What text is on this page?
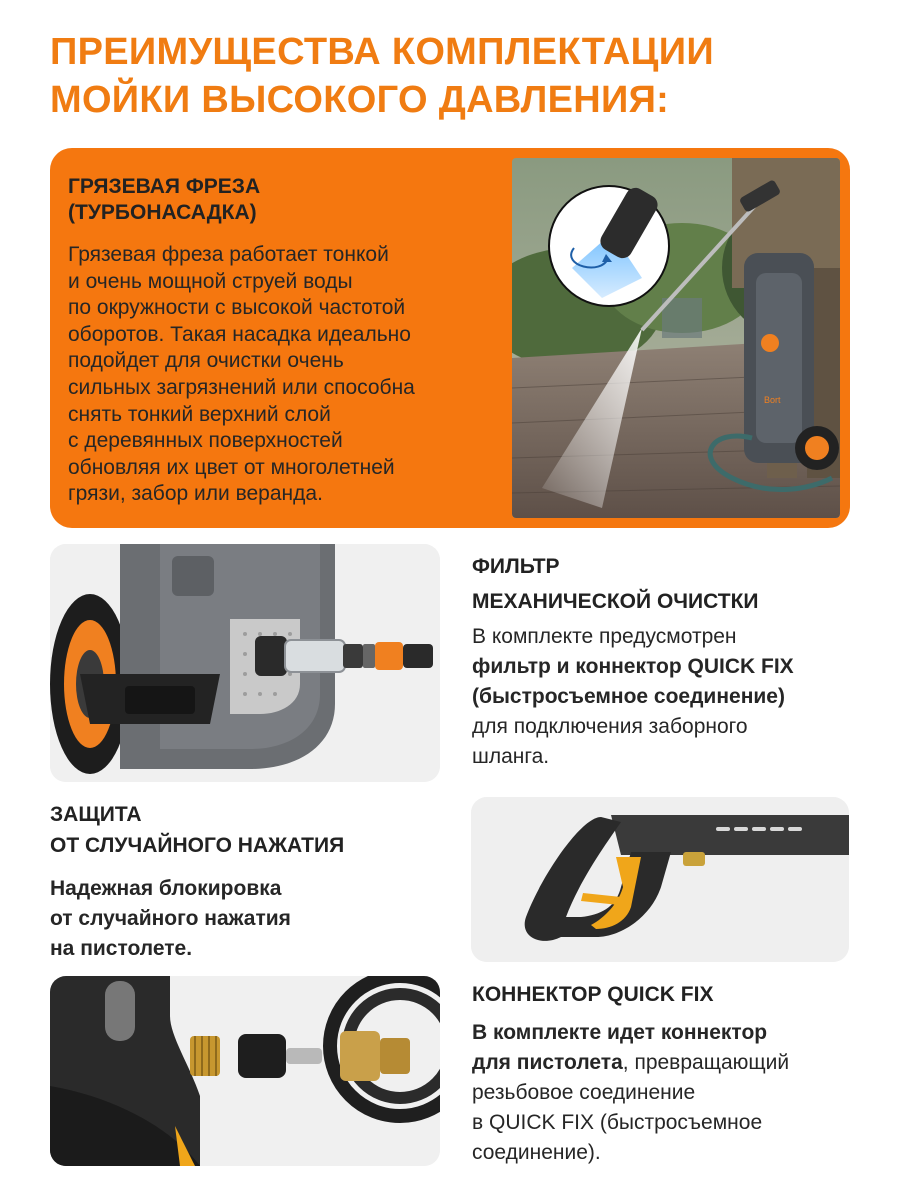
ПРЕИМУЩЕСТВА КОМПЛЕКТАЦИИ
МОЙКИ ВЫСОКОГО ДАВЛЕНИЯ:
ГРЯЗЕВАЯ ФРЕЗА
(ТУРБОНАСАДКА)
Грязевая фреза работает тонкой
и очень мощной струей воды
по окружности с высокой частотой
оборотов. Такая насадка идеально
подойдет для очистки очень
сильных загрязнений или способна
снять тонкий верхний слой
с деревянных поверхностей
обновляя их цвет от многолетней
грязи, забор или веранда.
Bort
ФИЛЬТР
МЕХАНИЧЕСКОЙ ОЧИСТКИ
В комплекте предусмотрен
фильтр и коннектор QUICK FIX
(быстросъемное соединение)
для подключения заборного
шланга.
ЗАЩИТА
ОТ СЛУЧАЙНОГО НАЖАТИЯ
Надежная блокировка
от случайного нажатия
на пистолете.
КОННЕКТОР QUICK FIX
В комплекте идет коннектор
для пистолета, превращающий
резьбовое соединение
в QUICK FIX (быстросъемное
соединение).
